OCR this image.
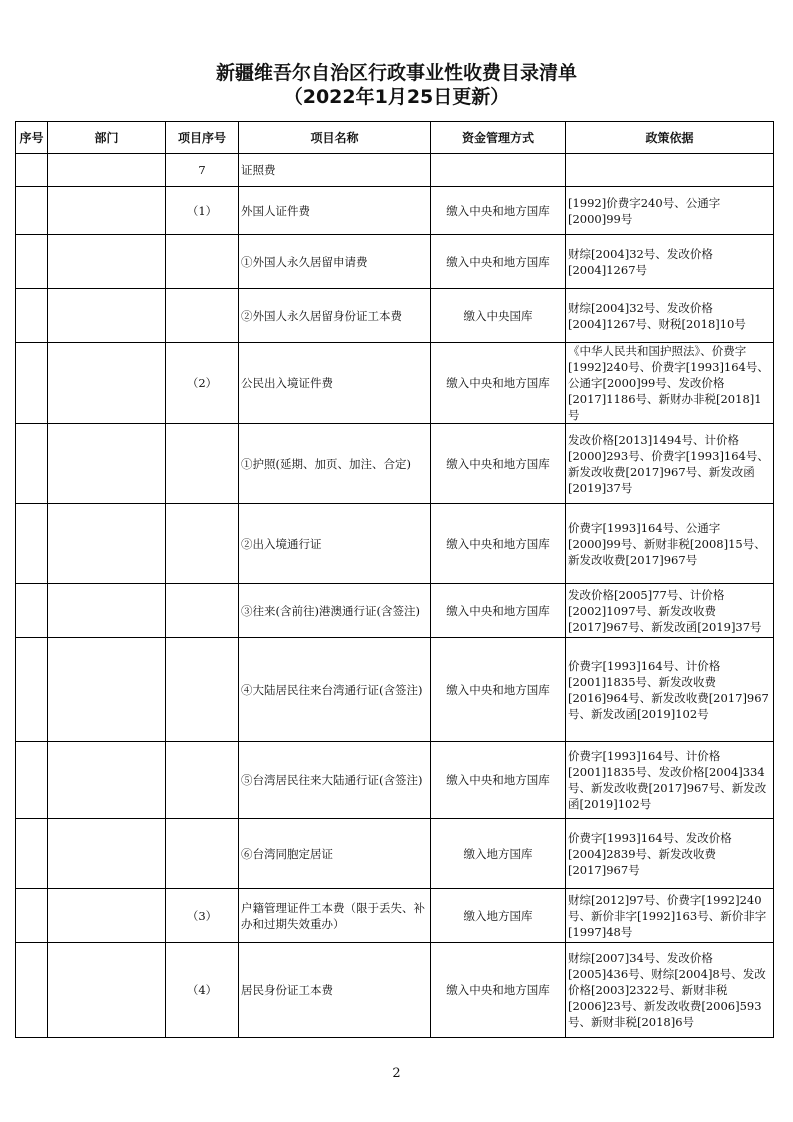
新疆维吾尔自治区行政事业性收费目录清单
（2022年1月25日更新）
序号	部门	项目序号	项目名称	资金管理方式	政策依据
		7	证照费		
		（1）	外国人证件费	缴入中央和地方国库	[1992]价费字240号、公通字[2000]99号
			①外国人永久居留申请费	缴入中央和地方国库	财综[2004]32号、发改价格[2004]1267号
			②外国人永久居留身份证工本费	缴入中央国库	财综[2004]32号、发改价格[2004]1267号、财税[2018]10号
		（2）	公民出入境证件费	缴入中央和地方国库	《中华人民共和国护照法》、价费字[1992]240号、价费字[1993]164号、公通字[2000]99号、发改价格[2017]1186号、新财办非税[2018]1号
			①护照(延期、加页、加注、合定)	缴入中央和地方国库	发改价格[2013]1494号、计价格[2000]293号、价费字[1993]164号、新发改收费[2017]967号、新发改函[2019]37号
			②出入境通行证	缴入中央和地方国库	价费字[1993]164号、公通字[2000]99号、新财非税[2008]15号、新发改收费[2017]967号
			③往来(含前往)港澳通行证(含签注)	缴入中央和地方国库	发改价格[2005]77号、计价格[2002]1097号、新发改收费[2017]967号、新发改函[2019]37号
			④大陆居民往来台湾通行证(含签注)	缴入中央和地方国库	价费字[1993]164号、计价格[2001]1835号、新发改收费[2016]964号、新发改收费[2017]967号、新发改函[2019]102号
			⑤台湾居民往来大陆通行证(含签注)	缴入中央和地方国库	价费字[1993]164号、计价格[2001]1835号、发改价格[2004]334号、新发改收费[2017]967号、新发改函[2019]102号
			⑥台湾同胞定居证	缴入地方国库	价费字[1993]164号、发改价格[2004]2839号、新发改收费[2017]967号
		（3）	户籍管理证件工本费（限于丢失、补办和过期失效重办）	缴入地方国库	财综[2012]97号、价费字[1992]240号、新价非字[1992]163号、新价非字[1997]48号
		（4）	居民身份证工本费	缴入中央和地方国库	财综[2007]34号、发改价格[2005]436号、财综[2004]8号、发改价格[2003]2322号、新财非税[2006]23号、新发改收费[2006]593号、新财非税[2018]6号
2
